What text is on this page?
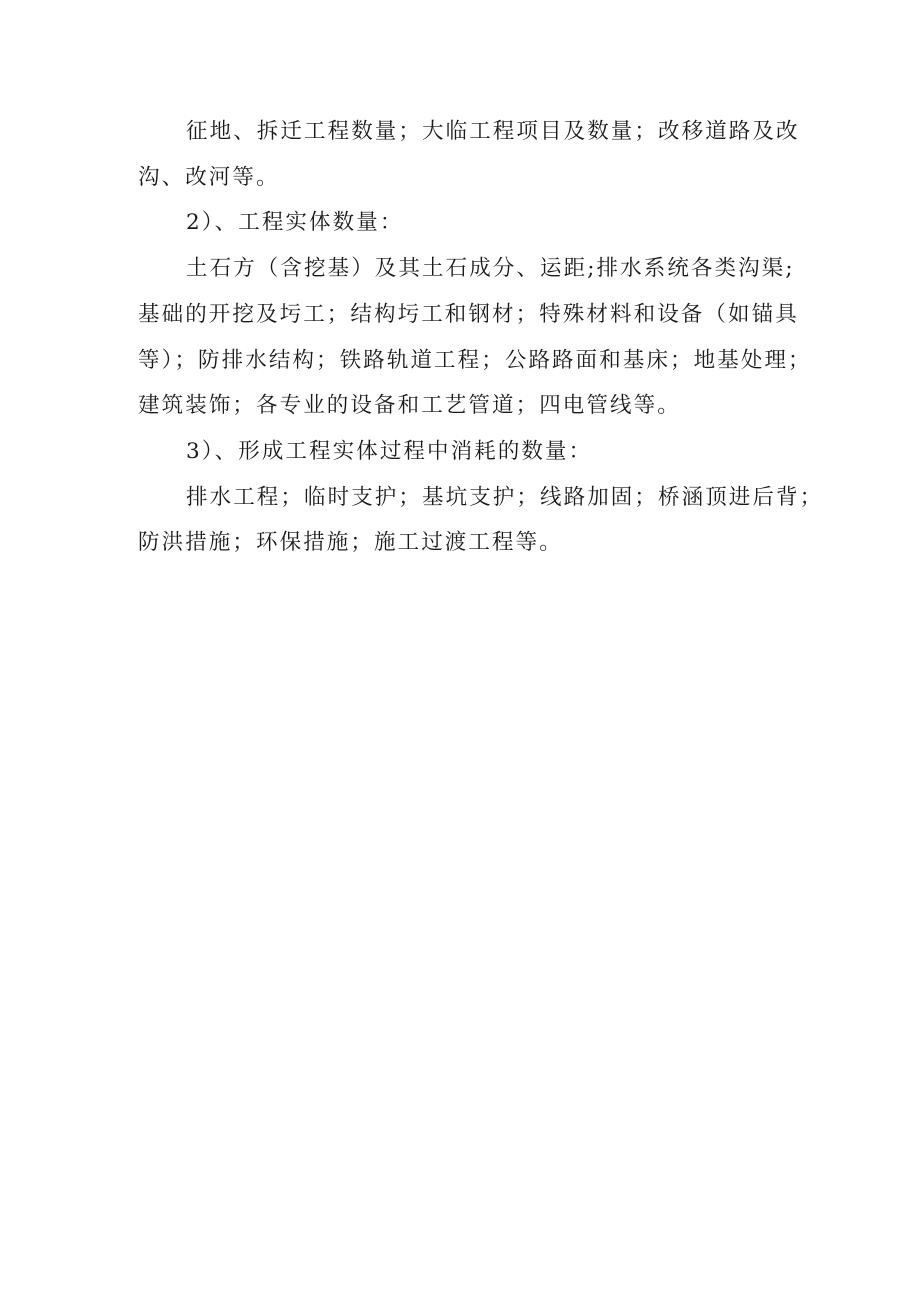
征地、拆迁工程数量；大临工程项目及数量；改移道路及改
沟、改河等。
2）、工程实体数量：
土石方（含挖基）及其土石成分、运距;排水系统各类沟渠;
基础的开挖及圬工；结构圬工和钢材；特殊材料和设备（如锚具
等）；防排水结构；铁路轨道工程；公路路面和基床；地基处理；
建筑装饰；各专业的设备和工艺管道；四电管线等。
3）、形成工程实体过程中消耗的数量：
排水工程；临时支护；基坑支护；线路加固；桥涵顶进后背；
防洪措施；环保措施；施工过渡工程等。
